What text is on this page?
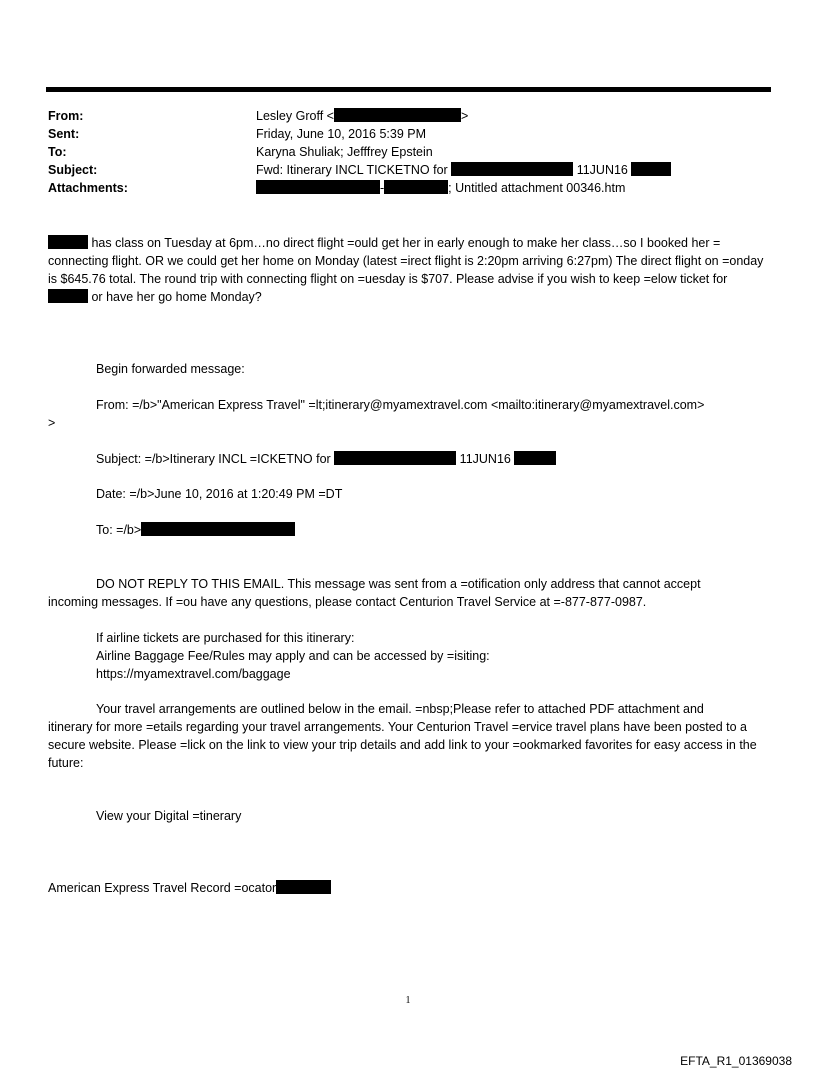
From:	Lesley Groff <	>
Sent:	Friday, June 10, 2016 5:39 PM
To:	Karyna Shuliak; Jefffrey Epstein
Subject:	Fwd: Itinerary INCL TICKETNO for	11JUN16
Attachments:	-	; Untitled attachment 00346.htm
has class on Tuesday at 6pm…no direct flight =ould get her in early enough to make her class…so I booked her = connecting flight. OR we could get her home on Monday (latest =irect flight is 2:20pm arriving 6:27pm) The direct flight on =onday is $645.76 total. The round trip with connecting flight on =uesday is $707. Please advise if you wish to keep =elow ticket for  or have her go home Monday?
Begin forwarded message:
From: =/b>"American Express Travel" =lt;itinerary@myamextravel.com <mailto:itinerary@myamextravel.com>
>
Subject: =/b>Itinerary INCL =ICKETNO for	11JUN16
Date: =/b>June 10, 2016 at 1:20:49 PM =DT
To: =/b>
DO NOT REPLY TO THIS EMAIL. This message was sent from a =otification only address that cannot accept
incoming messages. If =ou have any questions, please contact Centurion Travel Service at =-877-877-0987.
If airline tickets are purchased for this itinerary:
Airline Baggage Fee/Rules may apply and can be accessed by =isiting:
https://myamextravel.com/baggage
Your travel arrangements are outlined below in the email. =nbsp;Please refer to attached PDF attachment and
itinerary for more =etails regarding your travel arrangements. Your Centurion Travel =ervice travel plans have been posted to a secure website. Please =lick on the link to view your trip details and add link to your =ookmarked favorites for easy access in the future:
View your Digital =tinerary
American Express Travel Record =ocator
1
EFTA_R1_01369038
